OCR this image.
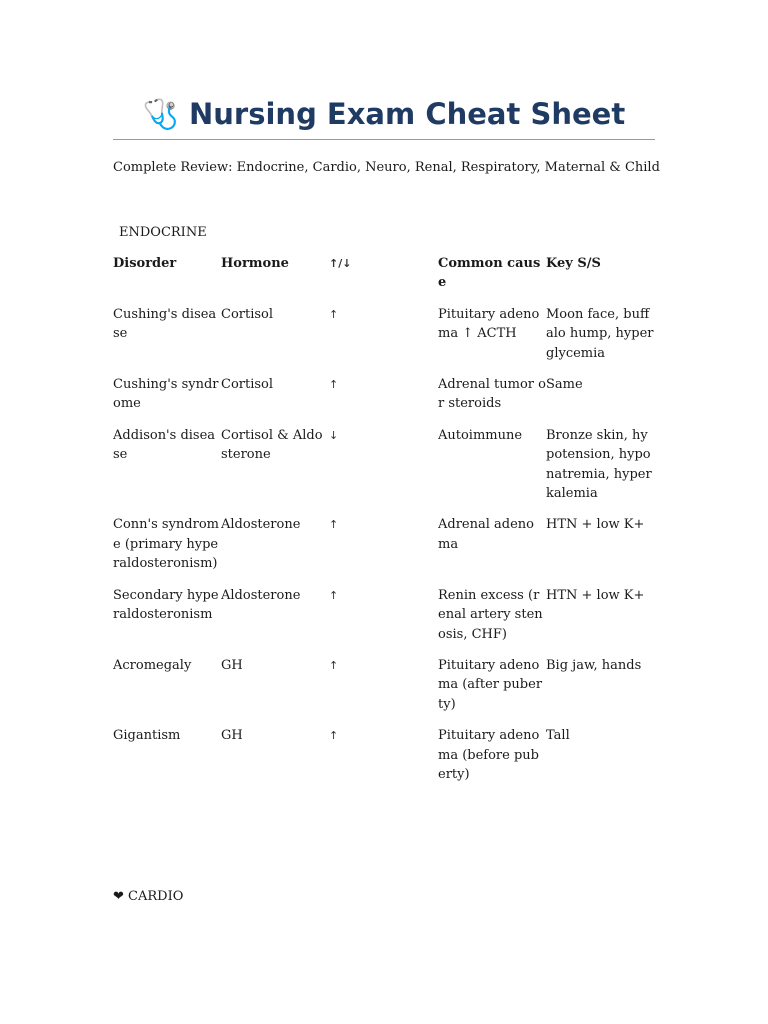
🩺 Nursing Exam Cheat Sheet
Complete Review: Endocrine, Cardio, Neuro, Renal, Respiratory, Maternal & Child
ENDOCRINE
Disorder	Hormone	↑/↓	Common cause	Key S/S
Cushing's disease	Cortisol	↑	Pituitary adenoma ↑ ACTH	Moon face, buffalo hump, hyperglycemia
Cushing's syndrome	Cortisol	↑	Adrenal tumor or steroids	Same
Addison's disease	Cortisol & Aldosterone	↓	Autoimmune	Bronze skin, hypotension, hyponatremia, hyperkalemia
Conn's syndrome (primary hyperaldosteronism)	Aldosterone	↑	Adrenal adenoma	HTN + low K+
Secondary hyperaldosteronism	Aldosterone	↑	Renin excess (renal artery stenosis, CHF)	HTN + low K+
Acromegaly	GH	↑	Pituitary adenoma (after puberty)	Big jaw, hands
Gigantism	GH	↑	Pituitary adenoma (before puberty)	Tall
❤ CARDIO
